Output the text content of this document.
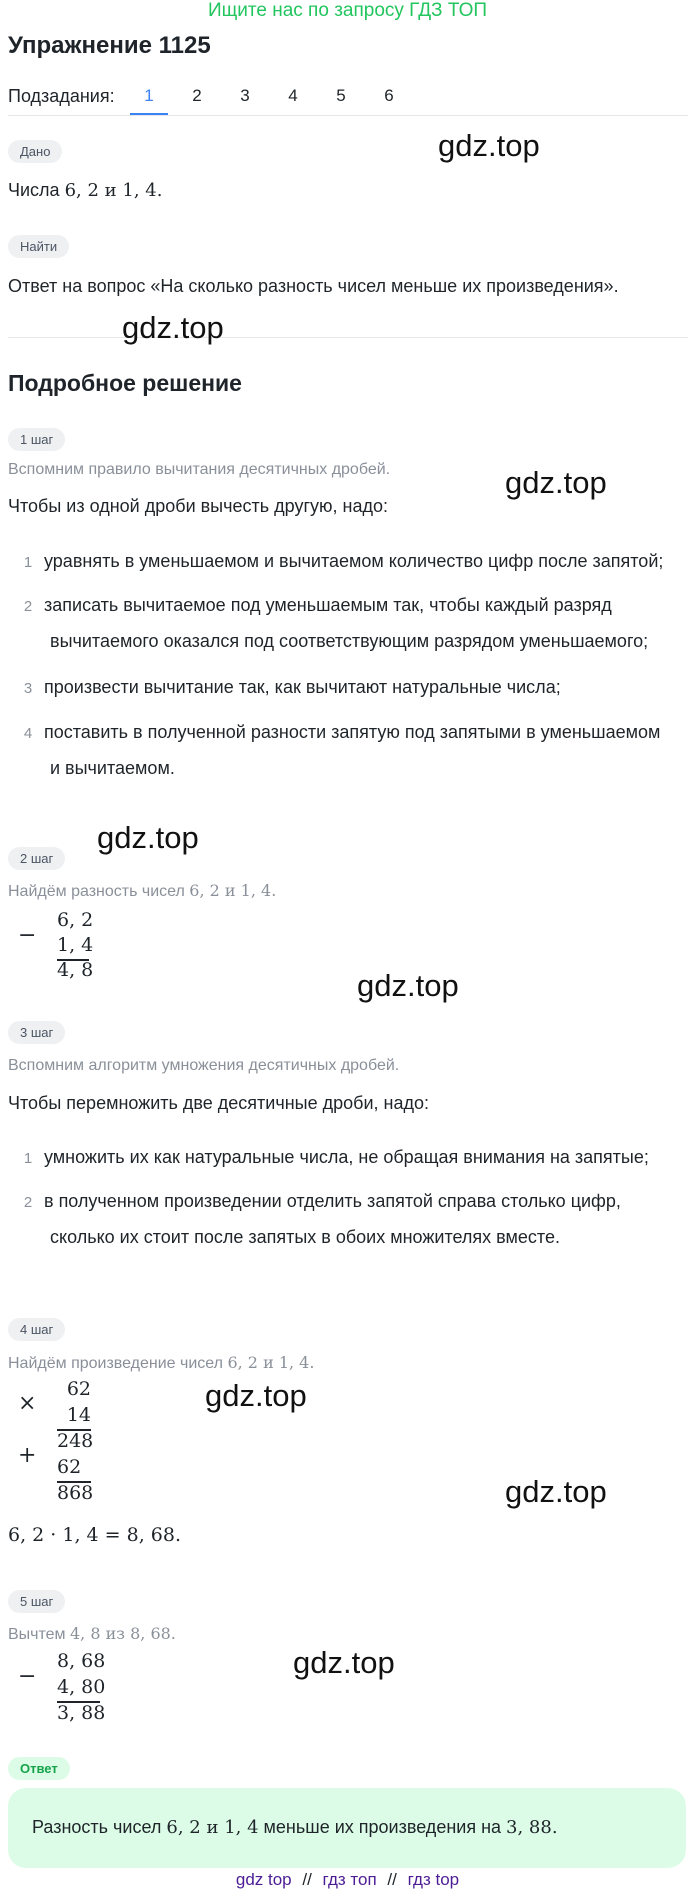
Ищите нас по запросу ГДЗ ТОП
Упражнение 1125
Подзадания:	1	2	3	4	5	6
Дано
Числа 6, 2 и 1, 4.
gdz.top
Найти
Ответ на вопрос «На сколько разность чисел меньше их произведения».
gdz.top
Подробное решение
1 шаг
Вспомним правило вычитания десятичных дробей.	gdz.top
Чтобы из одной дроби вычесть другую, надо:
1 уравнять в уменьшаемом и вычитаемом количество цифр после запятой;
2 записать вычитаемое под уменьшаемым так, чтобы каждый разряд
вычитаемого оказался под соответствующим разрядом уменьшаемого;
3 произвести вычитание так, как вычитают натуральные числа;
4 поставить в полученной разности запятую под запятыми в уменьшаемом
и вычитаемом.
gdz.top
2 шаг
Найдём разность чисел 6, 2 и 1, 4.
−
6, 2
1, 4
4, 8	gdz.top
3 шаг
Вспомним алгоритм умножения десятичных дробей.
Чтобы перемножить две десятичные дроби, надо:
1 умножить их как натуральные числа, не обращая внимания на запятые;
2 в полученном произведении отделить запятой справа столько цифр,
сколько их стоит после запятых в обоих множителях вместе.
4 шаг
Найдём произведение чисел 6, 2 и 1, 4.
×
62
14
248
+ 62
868
gdz.top
gdz.top
6, 2 · 1, 4 = 8, 68.
5 шаг
Вычтем 4, 8 из 8, 68.
gdz.top
−
8, 68
4, 80
3, 88
Ответ
Разность чисел 6, 2 и 1, 4 меньше их произведения на 3, 88.
gdz top // гдз топ // гдз top
